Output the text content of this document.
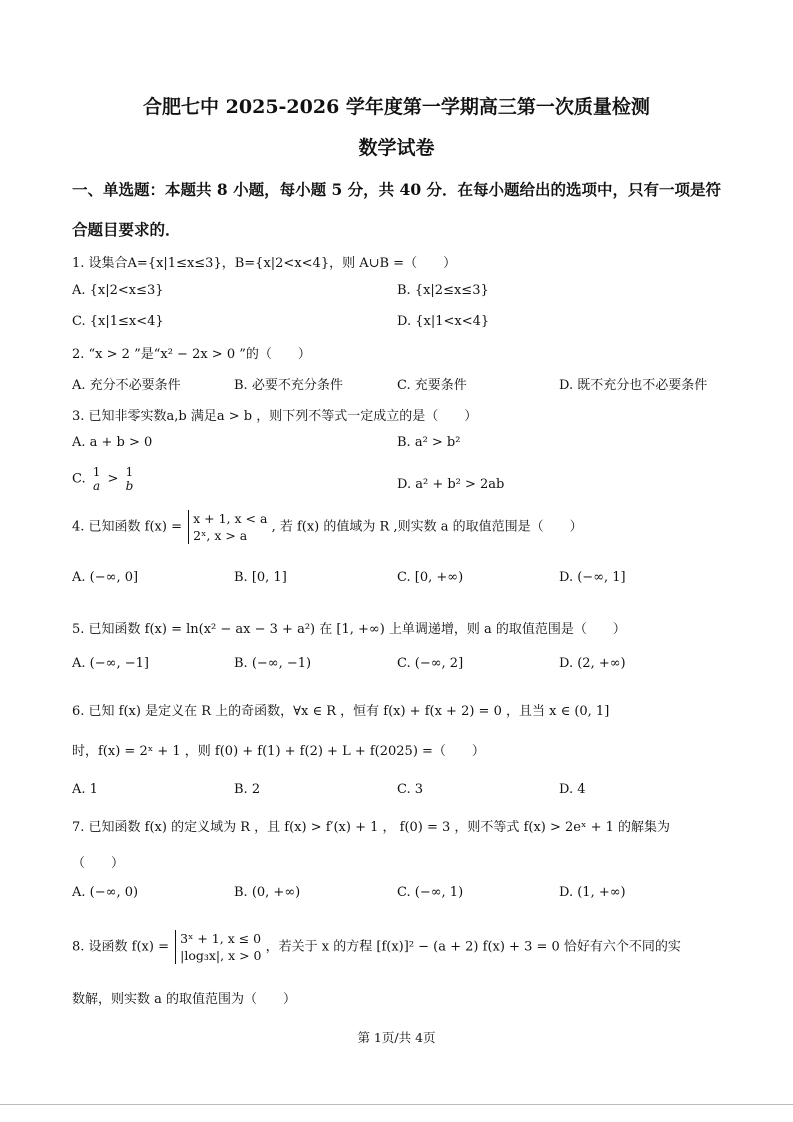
合肥七中 2025-2026 学年度第一学期高三第一次质量检测
数学试卷
一、单选题：本题共 8 小题，每小题 5 分，共 40 分．在每小题给出的选项中，只有一项是符
合题目要求的．
1. 设集合A={x|1≤x≤3}，B={x|2<x<4}，则 A∪B =（　　）
A. {x|2<x≤3}	B. {x|2≤x≤3}
C. {x|1≤x<4}	D. {x|1<x<4}
2. “x > 2 ”是“x² − 2x > 0 ”的（　　）
A. 充分不必要条件	B. 必要不充分条件	C. 充要条件	D. 既不充分也不必要条件
3. 已知非零实数a,b 满足a > b ，则下列不等式一定成立的是（　　）
A. a + b > 0	B. a² > b²
C. 1
a > 1
b	D. a² + b² > 2ab
4. 已知函数 f(x) =
x + 1, x < a
2ˣ, x > a
, 若 f(x) 的值域为 R ,则实数 a 的取值范围是（　　）
A. (−∞, 0]	B. [0, 1]	C. [0, +∞)	D. (−∞, 1]
5. 已知函数 f(x) = ln(x² − ax − 3 + a²) 在 [1, +∞) 上单调递增，则 a 的取值范围是（　　）
A. (−∞, −1]	B. (−∞, −1)	C. (−∞, 2]	D. (2, +∞)
6. 已知 f(x) 是定义在 R 上的奇函数，∀x ∈ R ，恒有 f(x) + f(x + 2) = 0 ，且当 x ∈ (0, 1]
时，f(x) = 2ˣ + 1 ，则 f(0) + f(1) + f(2) + L + f(2025) =（　　）
A. 1	B. 2	C. 3	D. 4
7. 已知函数 f(x) 的定义域为 R ，且 f(x) > f′(x) + 1 ， f(0) = 3 ，则不等式 f(x) > 2eˣ + 1 的解集为
（　　）
A. (−∞, 0)	B. (0, +∞)	C. (−∞, 1)	D. (1, +∞)
8. 设函数 f(x) =
3ˣ + 1, x ≤ 0
|log₃x|, x > 0
，若关于 x 的方程 [f(x)]² − (a + 2) f(x) + 3 = 0 恰好有六个不同的实
数解，则实数 a 的取值范围为（　　）
第 1页/共 4页
